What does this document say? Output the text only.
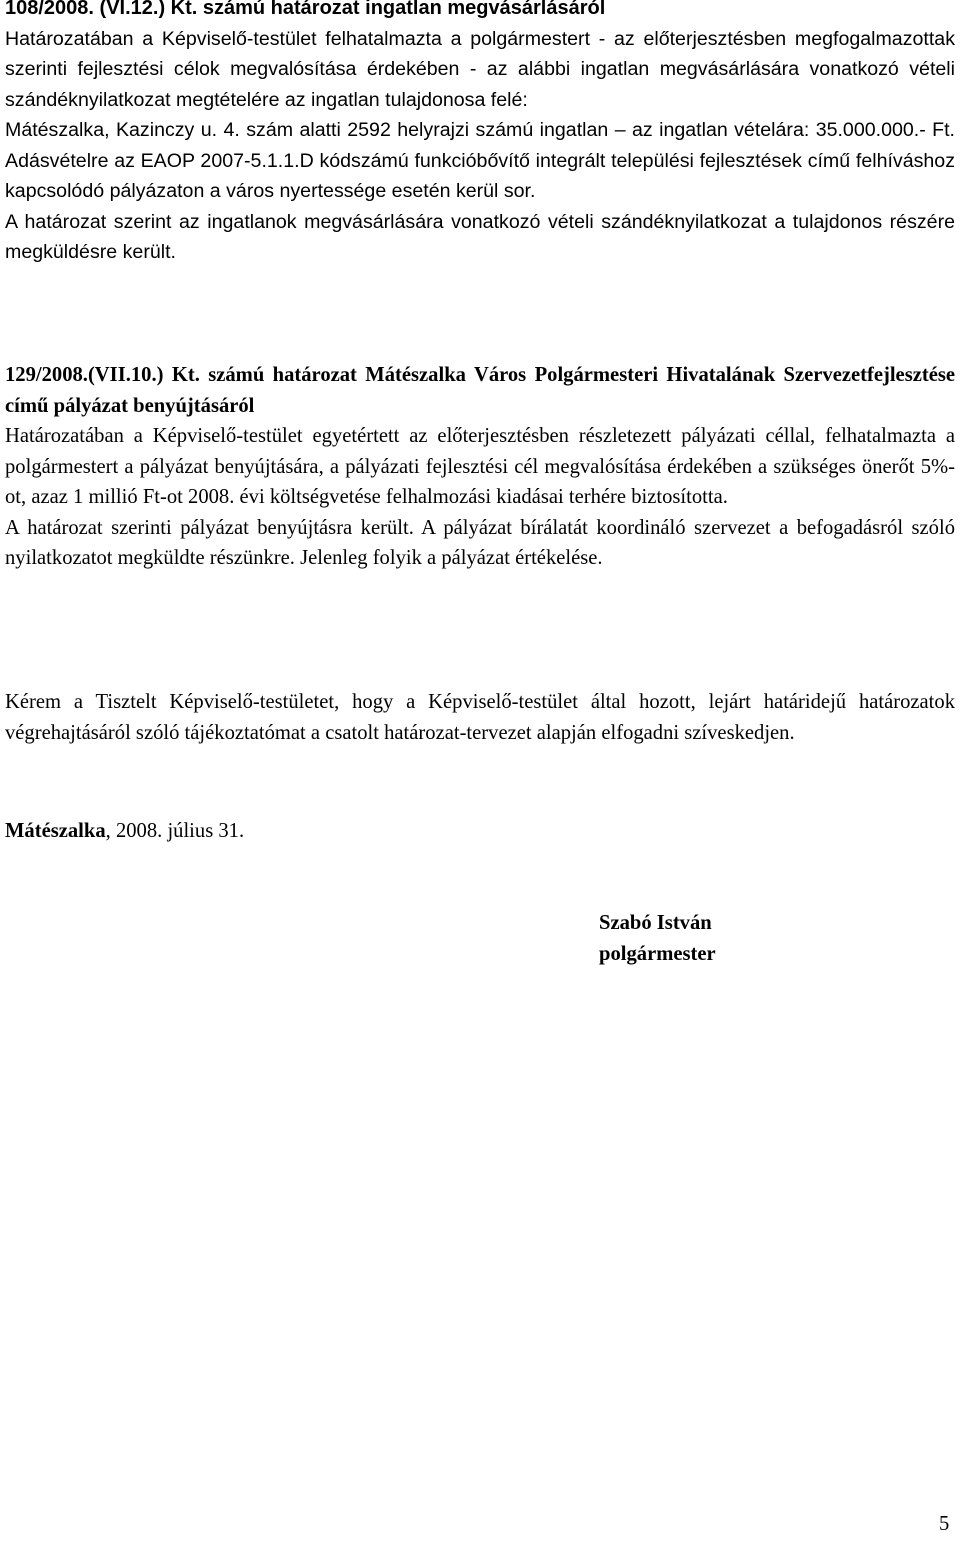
108/2008. (VI.12.) Kt. számú határozat ingatlan megvásárlásáról

Határozatában a Képviselő-testület felhatalmazta a polgármestert - az előterjesztésben megfogalmazottak szerinti fejlesztési célok megvalósítása érdekében - az alábbi ingatlan megvásárlására vonatkozó vételi szándéknyilatkozat megtételére az ingatlan tulajdonosa felé:

Mátészalka, Kazinczy u. 4. szám alatti 2592 helyrajzi számú ingatlan – az ingatlan vételára: 35.000.000.- Ft. Adásvételre az EAOP 2007-5.1.1.D kódszámú funkcióbővítő integrált települési fejlesztések című felhíváshoz kapcsolódó pályázaton a város nyertessége esetén kerül sor.

A határozat szerint az ingatlanok megvásárlására vonatkozó vételi szándéknyilatkozat a tulajdonos részére megküldésre került.

129/2008.(VII.10.) Kt. számú határozat Mátészalka Város Polgármesteri Hivatalának Szervezetfejlesztése című pályázat benyújtásáról

Határozatában a Képviselő-testület egyetértett az előterjesztésben részletezett pályázati céllal, felhatalmazta a polgármestert a pályázat benyújtására, a pályázati fejlesztési cél megvalósítása érdekében a szükséges önerőt 5%-ot, azaz 1 millió Ft-ot 2008. évi költségvetése felhalmozási kiadásai terhére biztosította.

A határozat szerinti pályázat benyújtásra került. A pályázat bírálatát koordináló szervezet a befogadásról szóló nyilatkozatot megküldte részünkre. Jelenleg folyik a pályázat értékelése.

Kérem a Tisztelt Képviselő-testületet, hogy a Képviselő-testület által hozott, lejárt határidejű határozatok végrehajtásáról szóló tájékoztatómat a csatolt határozat-tervezet alapján elfogadni szíveskedjen.

Mátészalka, 2008. július 31.
Szabó István
polgármester
5
